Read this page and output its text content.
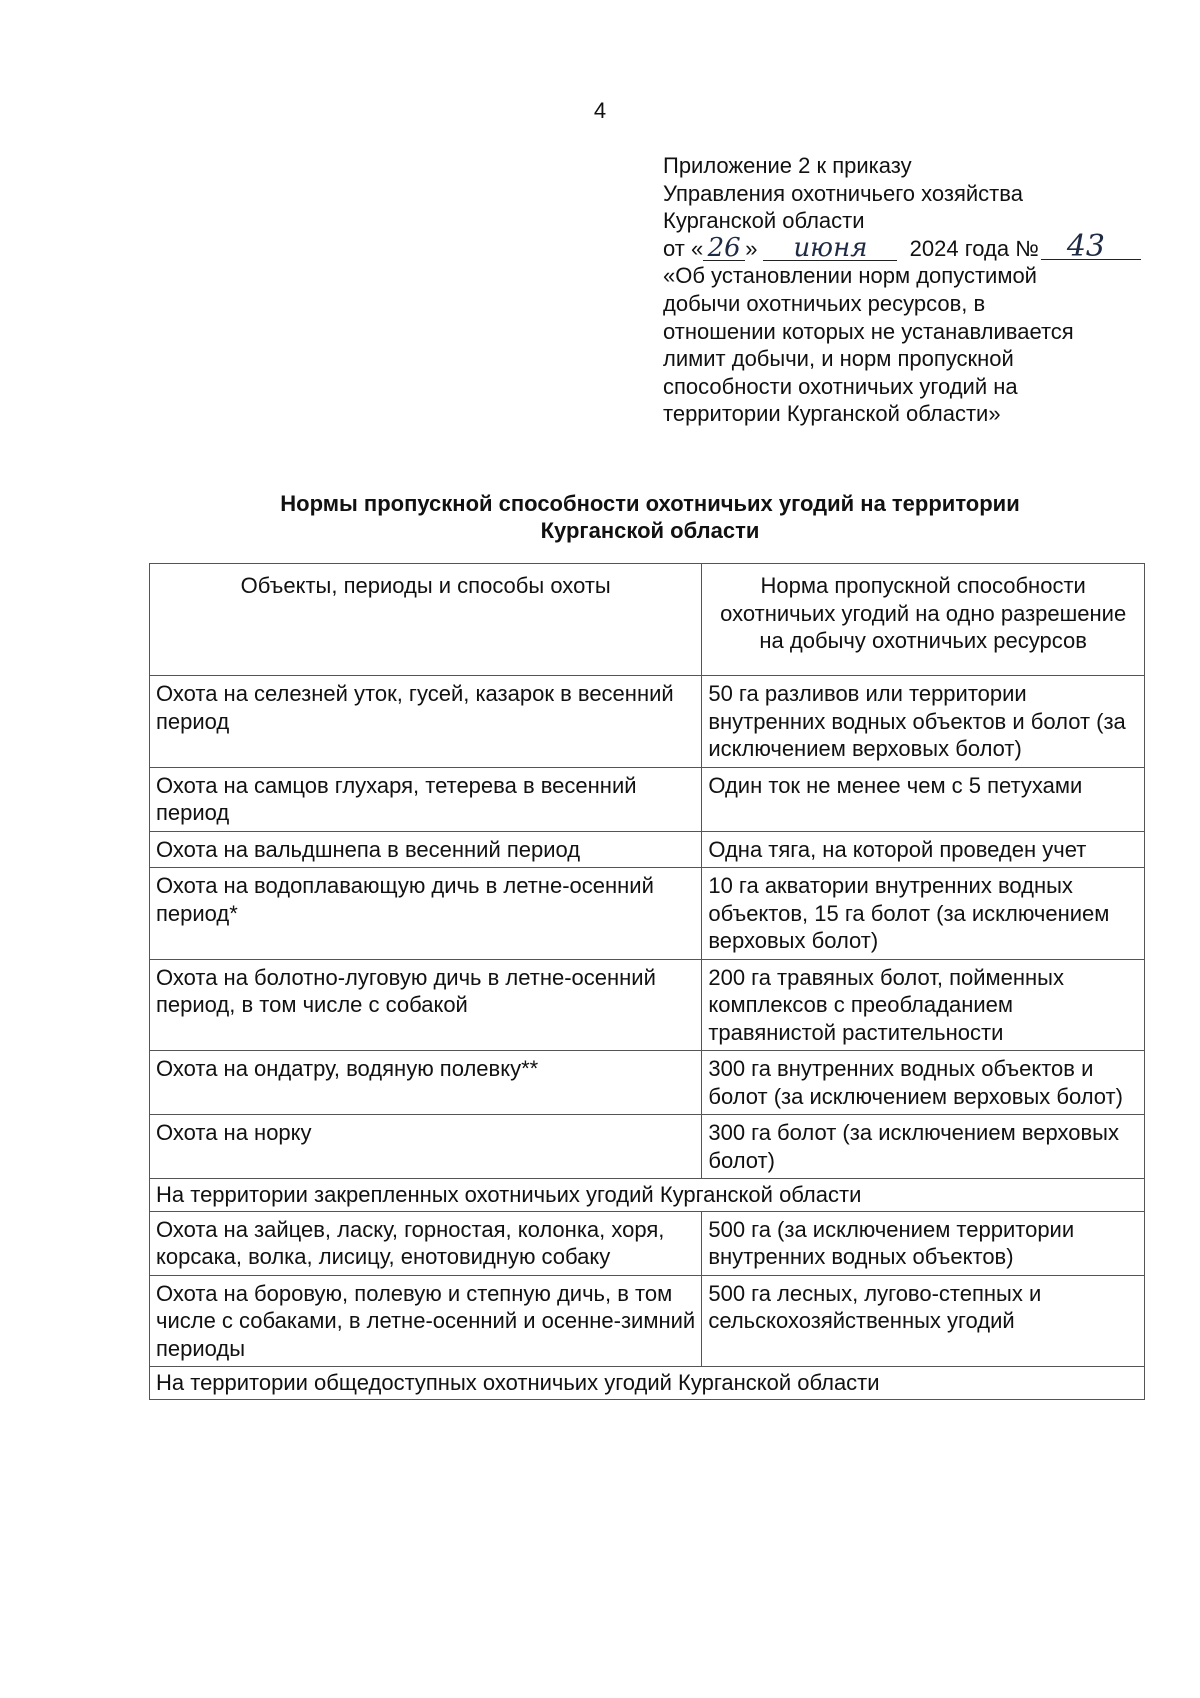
4
Приложение 2 к приказу
Управления охотничьего хозяйства
Курганской области
от « 26 » июня 2024 года № 43
«Об установлении норм допустимой
добычи охотничьих ресурсов, в
отношении которых не устанавливается
лимит добычи, и норм пропускной
способности охотничьих угодий на
территории Курганской области»
Нормы пропускной способности охотничьих угодий на территории
Курганской области
Объекты, периоды и способы охоты	Норма пропускной способности охотничьих угодий на одно разрешение на добычу охотничьих ресурсов
Охота на селезней уток, гусей, казарок в весенний период	50 га разливов или территории внутренних водных объектов и болот (за исключением верховых болот)
Охота на самцов глухаря, тетерева в весенний период	Один ток не менее чем с 5 петухами
Охота на вальдшнепа в весенний период	Одна тяга, на которой проведен учет
Охота на водоплавающую дичь в летне-осенний период*	10 га акватории внутренних водных объектов, 15 га болот (за исключением верховых болот)
Охота на болотно-луговую дичь в летне-осенний период, в том числе с собакой	200 га травяных болот, пойменных комплексов с преобладанием травянистой растительности
Охота на ондатру, водяную полевку**	300 га внутренних водных объектов и болот (за исключением верховых болот)
Охота на норку	300 га болот (за исключением верховых болот)
На территории закрепленных охотничьих угодий Курганской области	
Охота на зайцев, ласку, горностая, колонка, хоря, корсака, волка, лисицу, енотовидную собаку	500 га (за исключением территории внутренних водных объектов)
Охота на боровую, полевую и степную дичь, в том числе с собаками, в летне-осенний и осенне-зимний периоды	500 га лесных, лугово-степных и сельскохозяйственных угодий
На территории общедоступных охотничьих угодий Курганской области	
